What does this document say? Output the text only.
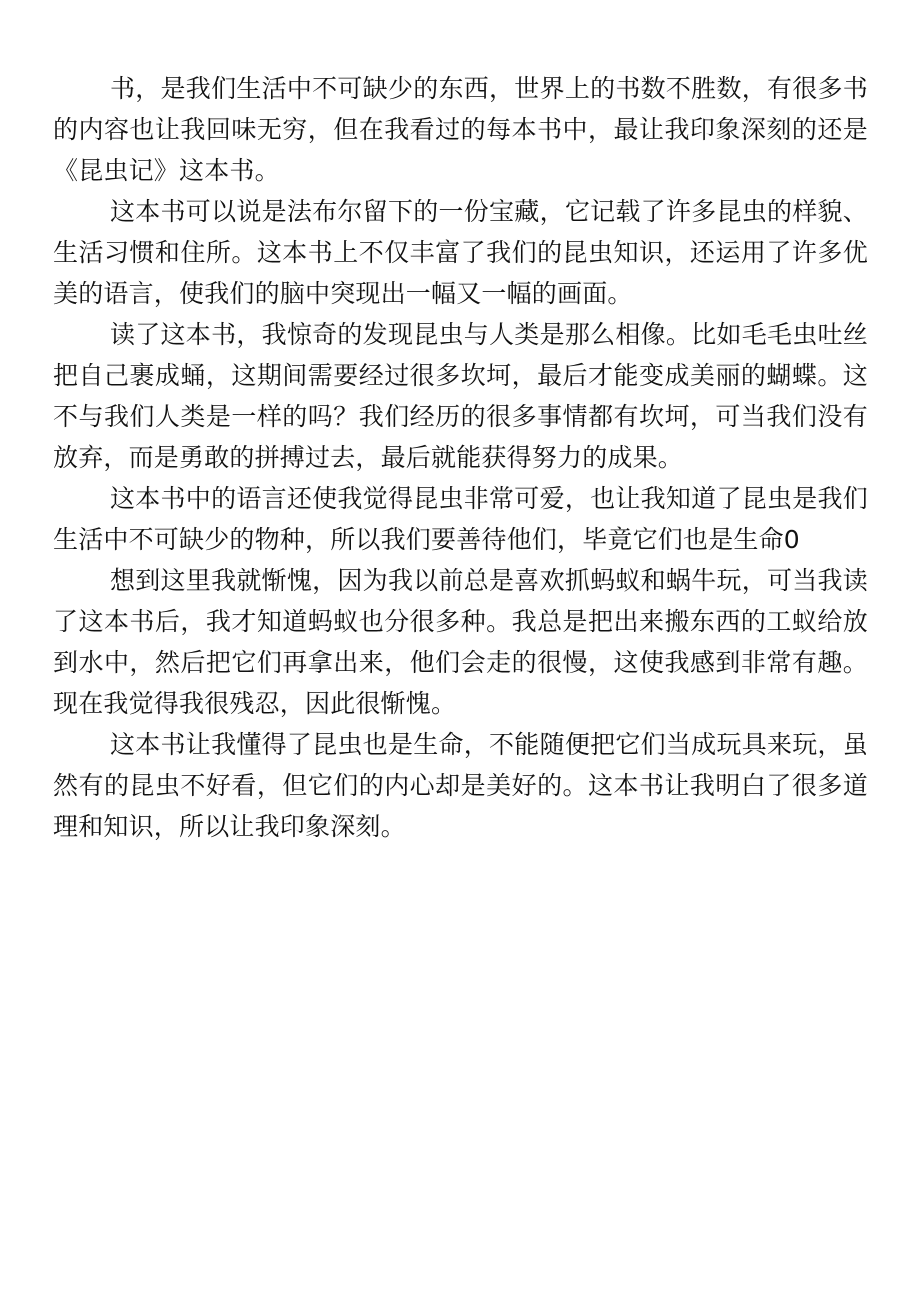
书，是我们生活中不可缺少的东西，世界上的书数不胜数，有很多书的内容也让我回味无穷，但在我看过的每本书中，最让我印象深刻的还是《昆虫记》这本书。

这本书可以说是法布尔留下的一份宝藏，它记载了许多昆虫的样貌、生活习惯和住所。这本书上不仅丰富了我们的昆虫知识，还运用了许多优美的语言，使我们的脑中突现出一幅又一幅的画面。

读了这本书，我惊奇的发现昆虫与人类是那么相像。比如毛毛虫吐丝把自己裹成蛹，这期间需要经过很多坎坷，最后才能变成美丽的蝴蝶。这不与我们人类是一样的吗？我们经历的很多事情都有坎坷，可当我们没有放弃，而是勇敢的拼搏过去，最后就能获得努力的成果。

这本书中的语言还使我觉得昆虫非常可爱，也让我知道了昆虫是我们生活中不可缺少的物种，所以我们要善待他们，毕竟它们也是生命0

想到这里我就惭愧，因为我以前总是喜欢抓蚂蚁和蜗牛玩，可当我读了这本书后，我才知道蚂蚁也分很多种。我总是把出来搬东西的工蚁给放到水中，然后把它们再拿出来，他们会走的很慢，这使我感到非常有趣。现在我觉得我很残忍，因此很惭愧。

这本书让我懂得了昆虫也是生命，不能随便把它们当成玩具来玩，虽然有的昆虫不好看，但它们的内心却是美好的。这本书让我明白了很多道理和知识，所以让我印象深刻。
